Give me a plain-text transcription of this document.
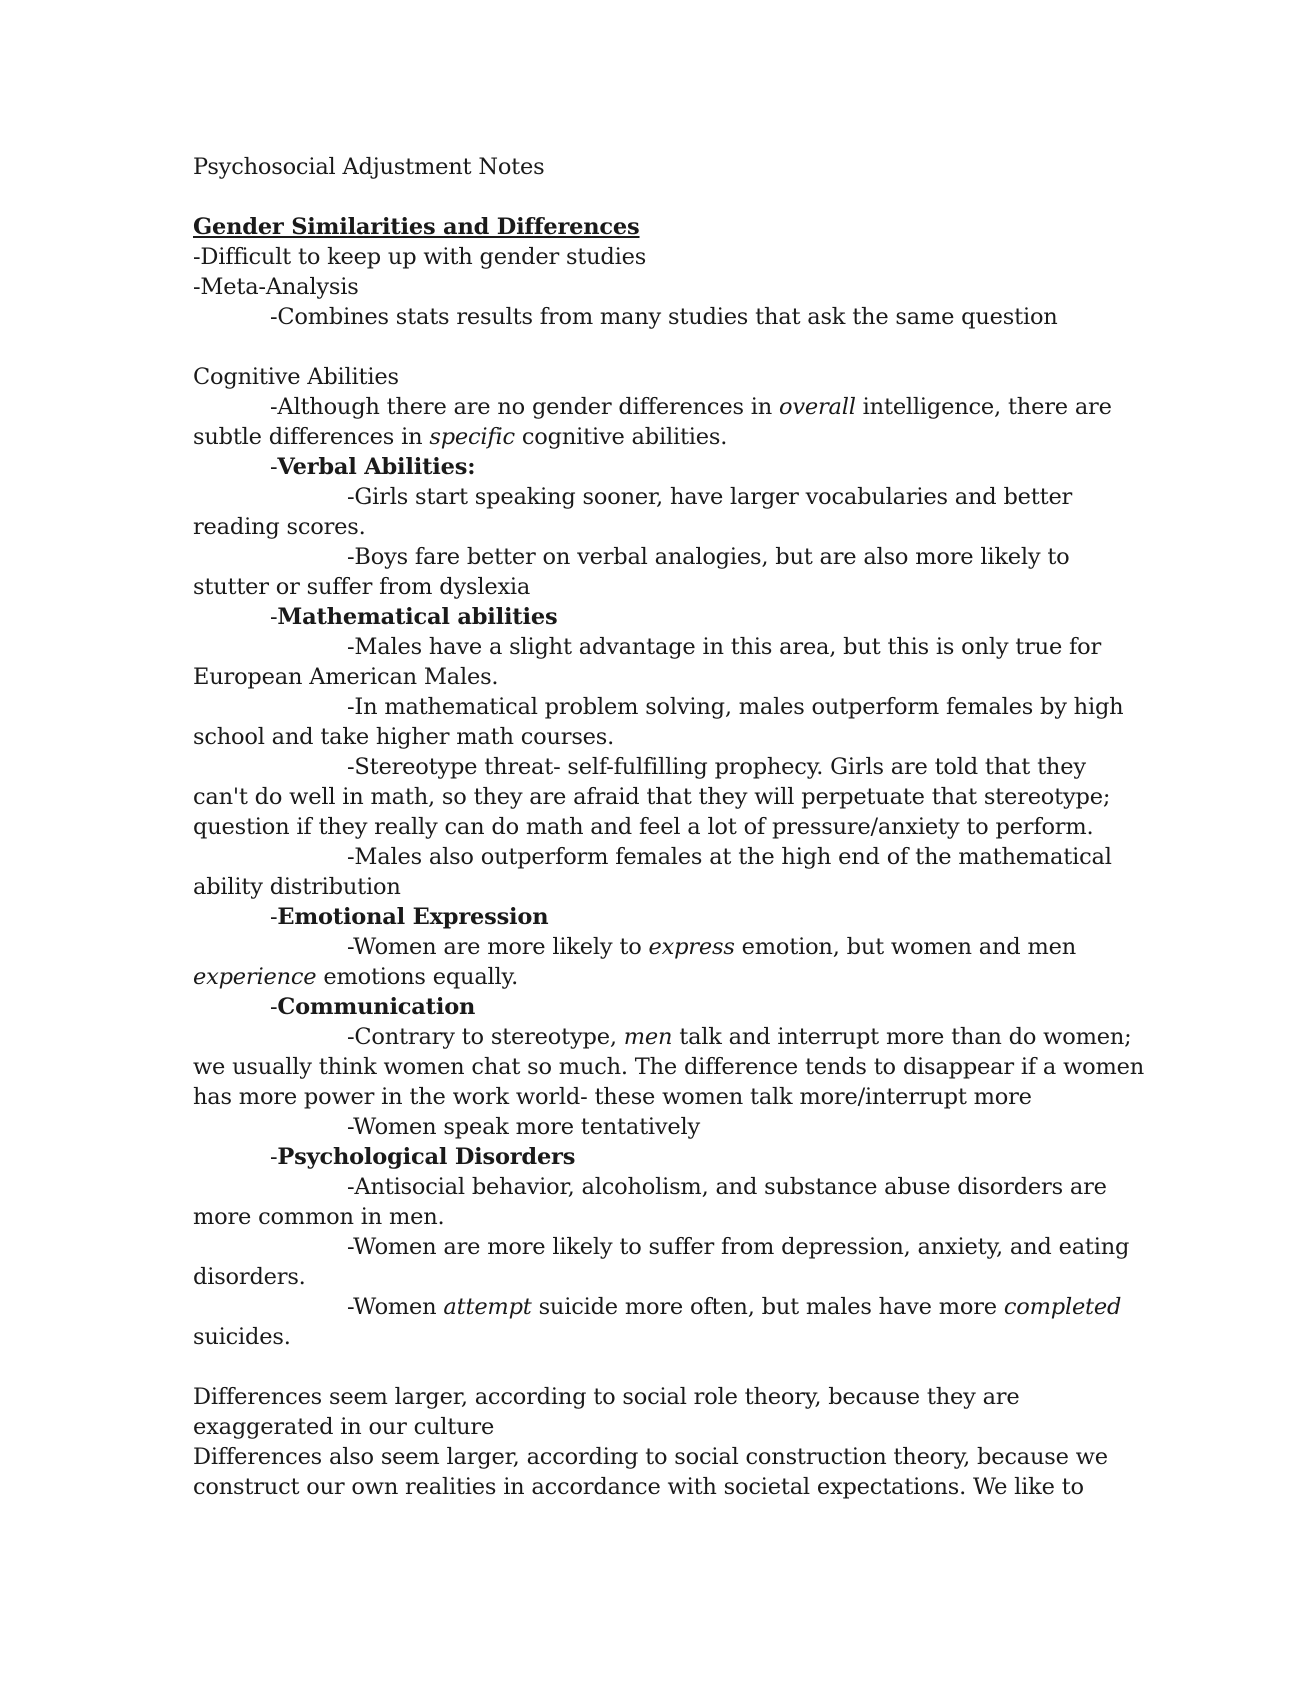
Psychosocial Adjustment Notes
Gender Similarities and Differences
-Difficult to keep up with gender studies
-Meta-Analysis
-Combines stats results from many studies that ask the same question
Cognitive Abilities
-Although there are no gender differences in overall intelligence, there are
subtle differences in specific cognitive abilities.
-Verbal Abilities:
-Girls start speaking sooner, have larger vocabularies and better
reading scores.
-Boys fare better on verbal analogies, but are also more likely to
stutter or suffer from dyslexia
-Mathematical abilities
-Males have a slight advantage in this area, but this is only true for
European American Males.
-In mathematical problem solving, males outperform females by high
school and take higher math courses.
-Stereotype threat- self-fulfilling prophecy. Girls are told that they
can't do well in math, so they are afraid that they will perpetuate that stereotype;
question if they really can do math and feel a lot of pressure/anxiety to perform.
-Males also outperform females at the high end of the mathematical
ability distribution
-Emotional Expression
-Women are more likely to express emotion, but women and men
experience emotions equally.
-Communication
-Contrary to stereotype, men talk and interrupt more than do women;
we usually think women chat so much. The difference tends to disappear if a women
has more power in the work world- these women talk more/interrupt more
-Women speak more tentatively
-Psychological Disorders
-Antisocial behavior, alcoholism, and substance abuse disorders are
more common in men.
-Women are more likely to suffer from depression, anxiety, and eating
disorders.
-Women attempt suicide more often, but males have more completed
suicides.
Differences seem larger, according to social role theory, because they are
exaggerated in our culture
Differences also seem larger, according to social construction theory, because we
construct our own realities in accordance with societal expectations. We like to
